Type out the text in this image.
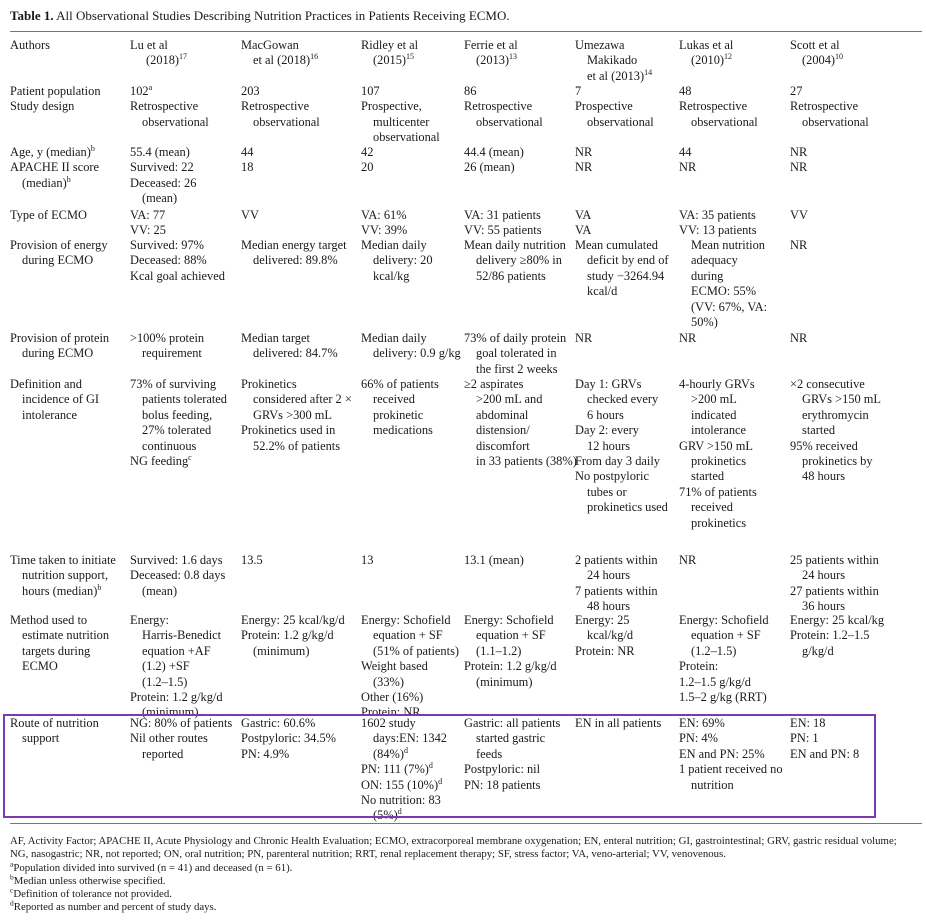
Table 1. All Observational Studies Describing Nutrition Practices in Patients Receiving ECMO.
Authors
Patient population
Study design
Age, y (median)$^b$
APACHE II score
(median)$^b$
Type of ECMO
Provision of energy
during ECMO
Provision of protein
during ECMO
Definition and
incidence of GI
intolerance
Time taken to initiate
nutrition support,
hours (median)$^b$
Method used to
estimate nutrition
targets during
ECMO
Route of nutrition
support
Lu et al
$(2018)^{17}$
102$^a$
Retrospective
observational
55.4 (mean)
Survived: 22
Deceased: 26
(mean)
VA: 77
VV: 25
Survived: 97%
Deceased: 88%
Kcal goal achieved
>100% protein
requirement
73% of surviving
patients tolerated
bolus feeding,
27% tolerated
continuous
NG feeding$^c$
Survived: 1.6 days
Deceased: 0.8 days
(mean)
Energy:
Harris-Benedict
equation +AF
(1.2) +SF
(1.2–1.5)
Protein: 1.2 g/kg/d
(minimum)
NG: 80% of patients
Nil other routes
reported
MacGowan
et al $(2018)^{16}$
203
Retrospective
observational
44
18
VV
Median energy target
delivered: 89.8%
Median target
delivered: 84.7%
Prokinetics
considered after 2 ×
GRVs >300 mL
Prokinetics used in
52.2% of patients
13.5
Energy: 25 kcal/kg/d
Protein: 1.2 g/kg/d
(minimum)
Gastric: 60.6%
Postpyloric: 34.5%
PN: 4.9%
Ridley et al
$(2015)^{15}$
107
Prospective,
multicenter
observational
42
20
VA: 61%
VV: 39%
Median daily
delivery: 20
kcal/kg
Median daily
delivery: 0.9 g/kg
66% of patients
received
prokinetic
medications
13
Energy: Schofield
equation + SF
(51% of patients)
Weight based
(33%)
Other (16%)
Protein: NR
1602 study
days:EN: 1342
$(84\%)^d$
PN: 111 $(7\%)^d$
ON: 155 $(10\%)^d$
No nutrition: 83
$(5\%)^d$
Ferrie et al
$(2013)^{13}$
86
Retrospective
observational
44.4 (mean)
26 (mean)
VA: 31 patients
VV: 55 patients
Mean daily nutrition
delivery ≥80% in
52/86 patients
73% of daily protein
goal tolerated in
the first 2 weeks
≥2 aspirates
>200 mL and
abdominal
distension/
discomfort
in 33 patients (38%)
13.1 (mean)
Energy: Schofield
equation + SF
(1.1–1.2)
Protein: 1.2 g/kg/d
(minimum)
Gastric: all patients
started gastric
feeds
Postpyloric: nil
PN: 18 patients
Umezawa
Makikado
et al $(2013)^{14}$
7
Prospective
observational
NR
NR
VA
VA
Mean cumulated
deficit by end of
study −3264.94
kcal/d
NR
Day 1: GRVs
checked every
6 hours
Day 2: every
12 hours
From day 3 daily
No postpyloric
tubes or
prokinetics used
2 patients within
24 hours
7 patients within
48 hours
Energy: 25
kcal/kg/d
Protein: NR
EN in all patients
Lukas et al
$(2010)^{12}$
48
Retrospective
observational
44
NR
VA: 35 patients
VV: 13 patients
Mean nutrition
adequacy
during
ECMO: 55%
(VV: 67%, VA:
50%)
NR
4-hourly GRVs
>200 mL
indicated
intolerance
GRV >150 mL
prokinetics
started
71% of patients
received
prokinetics
NR
Energy: Schofield
equation + SF
(1.2–1.5)
Protein:
1.2–1.5 g/kg/d
1.5–2 g/kg (RRT)
EN: 69%
PN: 4%
EN and PN: 25%
1 patient received no
nutrition
Scott et al
$(2004)^{10}$
27
Retrospective
observational
NR
NR
VV
NR
NR
×2 consecutive
GRVs >150 mL
erythromycin
started
95% received
prokinetics by
48 hours
25 patients within
24 hours
27 patients within
36 hours
Energy: 25 kcal/kg
Protein: 1.2–1.5
g/kg/d
EN: 18
PN: 1
EN and PN: 8
AF, Activity Factor; APACHE II, Acute Physiology and Chronic Health Evaluation; ECMO, extracorporeal membrane oxygenation; EN, enteral nutrition; GI, gastrointestinal; GRV, gastric residual volume; NG, nasogastric; NR, not reported; ON, oral nutrition; PN, parenteral nutrition; RRT, renal replacement therapy; SF, stress factor; VA, veno-arterial; VV, venovenous.
$^a$Population divided into survived (n = 41) and deceased (n = 61).
$^b$Median unless otherwise specified.
$^c$Definition of tolerance not provided.
$^d$Reported as number and percent of study days.
